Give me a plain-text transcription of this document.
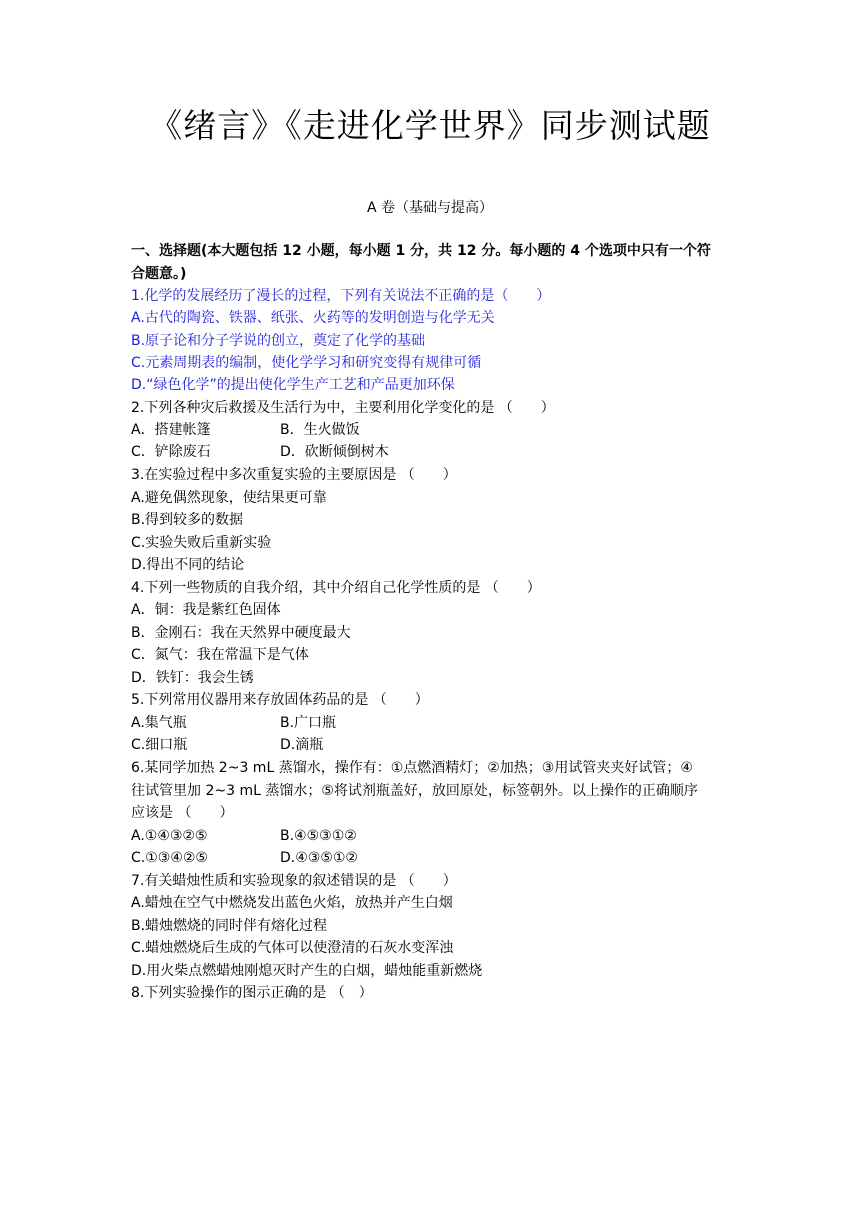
《绪言》《走进化学世界》同步测试题
A 卷（基础与提高）
一、选择题(本大题包括 12 小题，每小题 1 分，共 12 分。每小题的 4 个选项中只有一个符
合题意。)
1.化学的发展经历了漫长的过程，下列有关说法不正确的是（　　）
A.古代的陶瓷、铁器、纸张、火药等的发明创造与化学无关
B.原子论和分子学说的创立，奠定了化学的基础
C.元素周期表的编制，使化学学习和研究变得有规律可循
D.“绿色化学”的提出使化学生产工艺和产品更加环保
2.下列各种灾后救援及生活行为中，主要利用化学变化的是 （　　）
A．搭建帐篷	B．生火做饭
C．铲除废石	D．砍断倾倒树木
3.在实验过程中多次重复实验的主要原因是 （　　）
A.避免偶然现象，使结果更可靠
B.得到较多的数据
C.实验失败后重新实验
D.得出不同的结论
4.下列一些物质的自我介绍，其中介绍自己化学性质的是 （　　）
A．铜：我是紫红色固体
B．金刚石：我在天然界中硬度最大
C．氮气：我在常温下是气体
D．铁钉：我会生锈
5.下列常用仪器用来存放固体药品的是 （　　）
A.集气瓶	B.广口瓶
C.细口瓶	D.滴瓶
6.某同学加热 2~3 mL 蒸馏水，操作有：①点燃酒精灯；②加热；③用试管夹夹好试管；④
往试管里加 2~3 mL 蒸馏水；⑤将试剂瓶盖好，放回原处，标签朝外。以上操作的正确顺序
应该是 （　　）
A.①④③②⑤	B.④⑤③①②
C.①③④②⑤	D.④③⑤①②
7.有关蜡烛性质和实验现象的叙述错误的是 （　　）
A.蜡烛在空气中燃烧发出蓝色火焰，放热并产生白烟
B.蜡烛燃烧的同时伴有熔化过程
C.蜡烛燃烧后生成的气体可以使澄清的石灰水变浑浊
D.用火柴点燃蜡烛刚熄灭时产生的白烟，蜡烛能重新燃烧
8.下列实验操作的图示正确的是 （　）
